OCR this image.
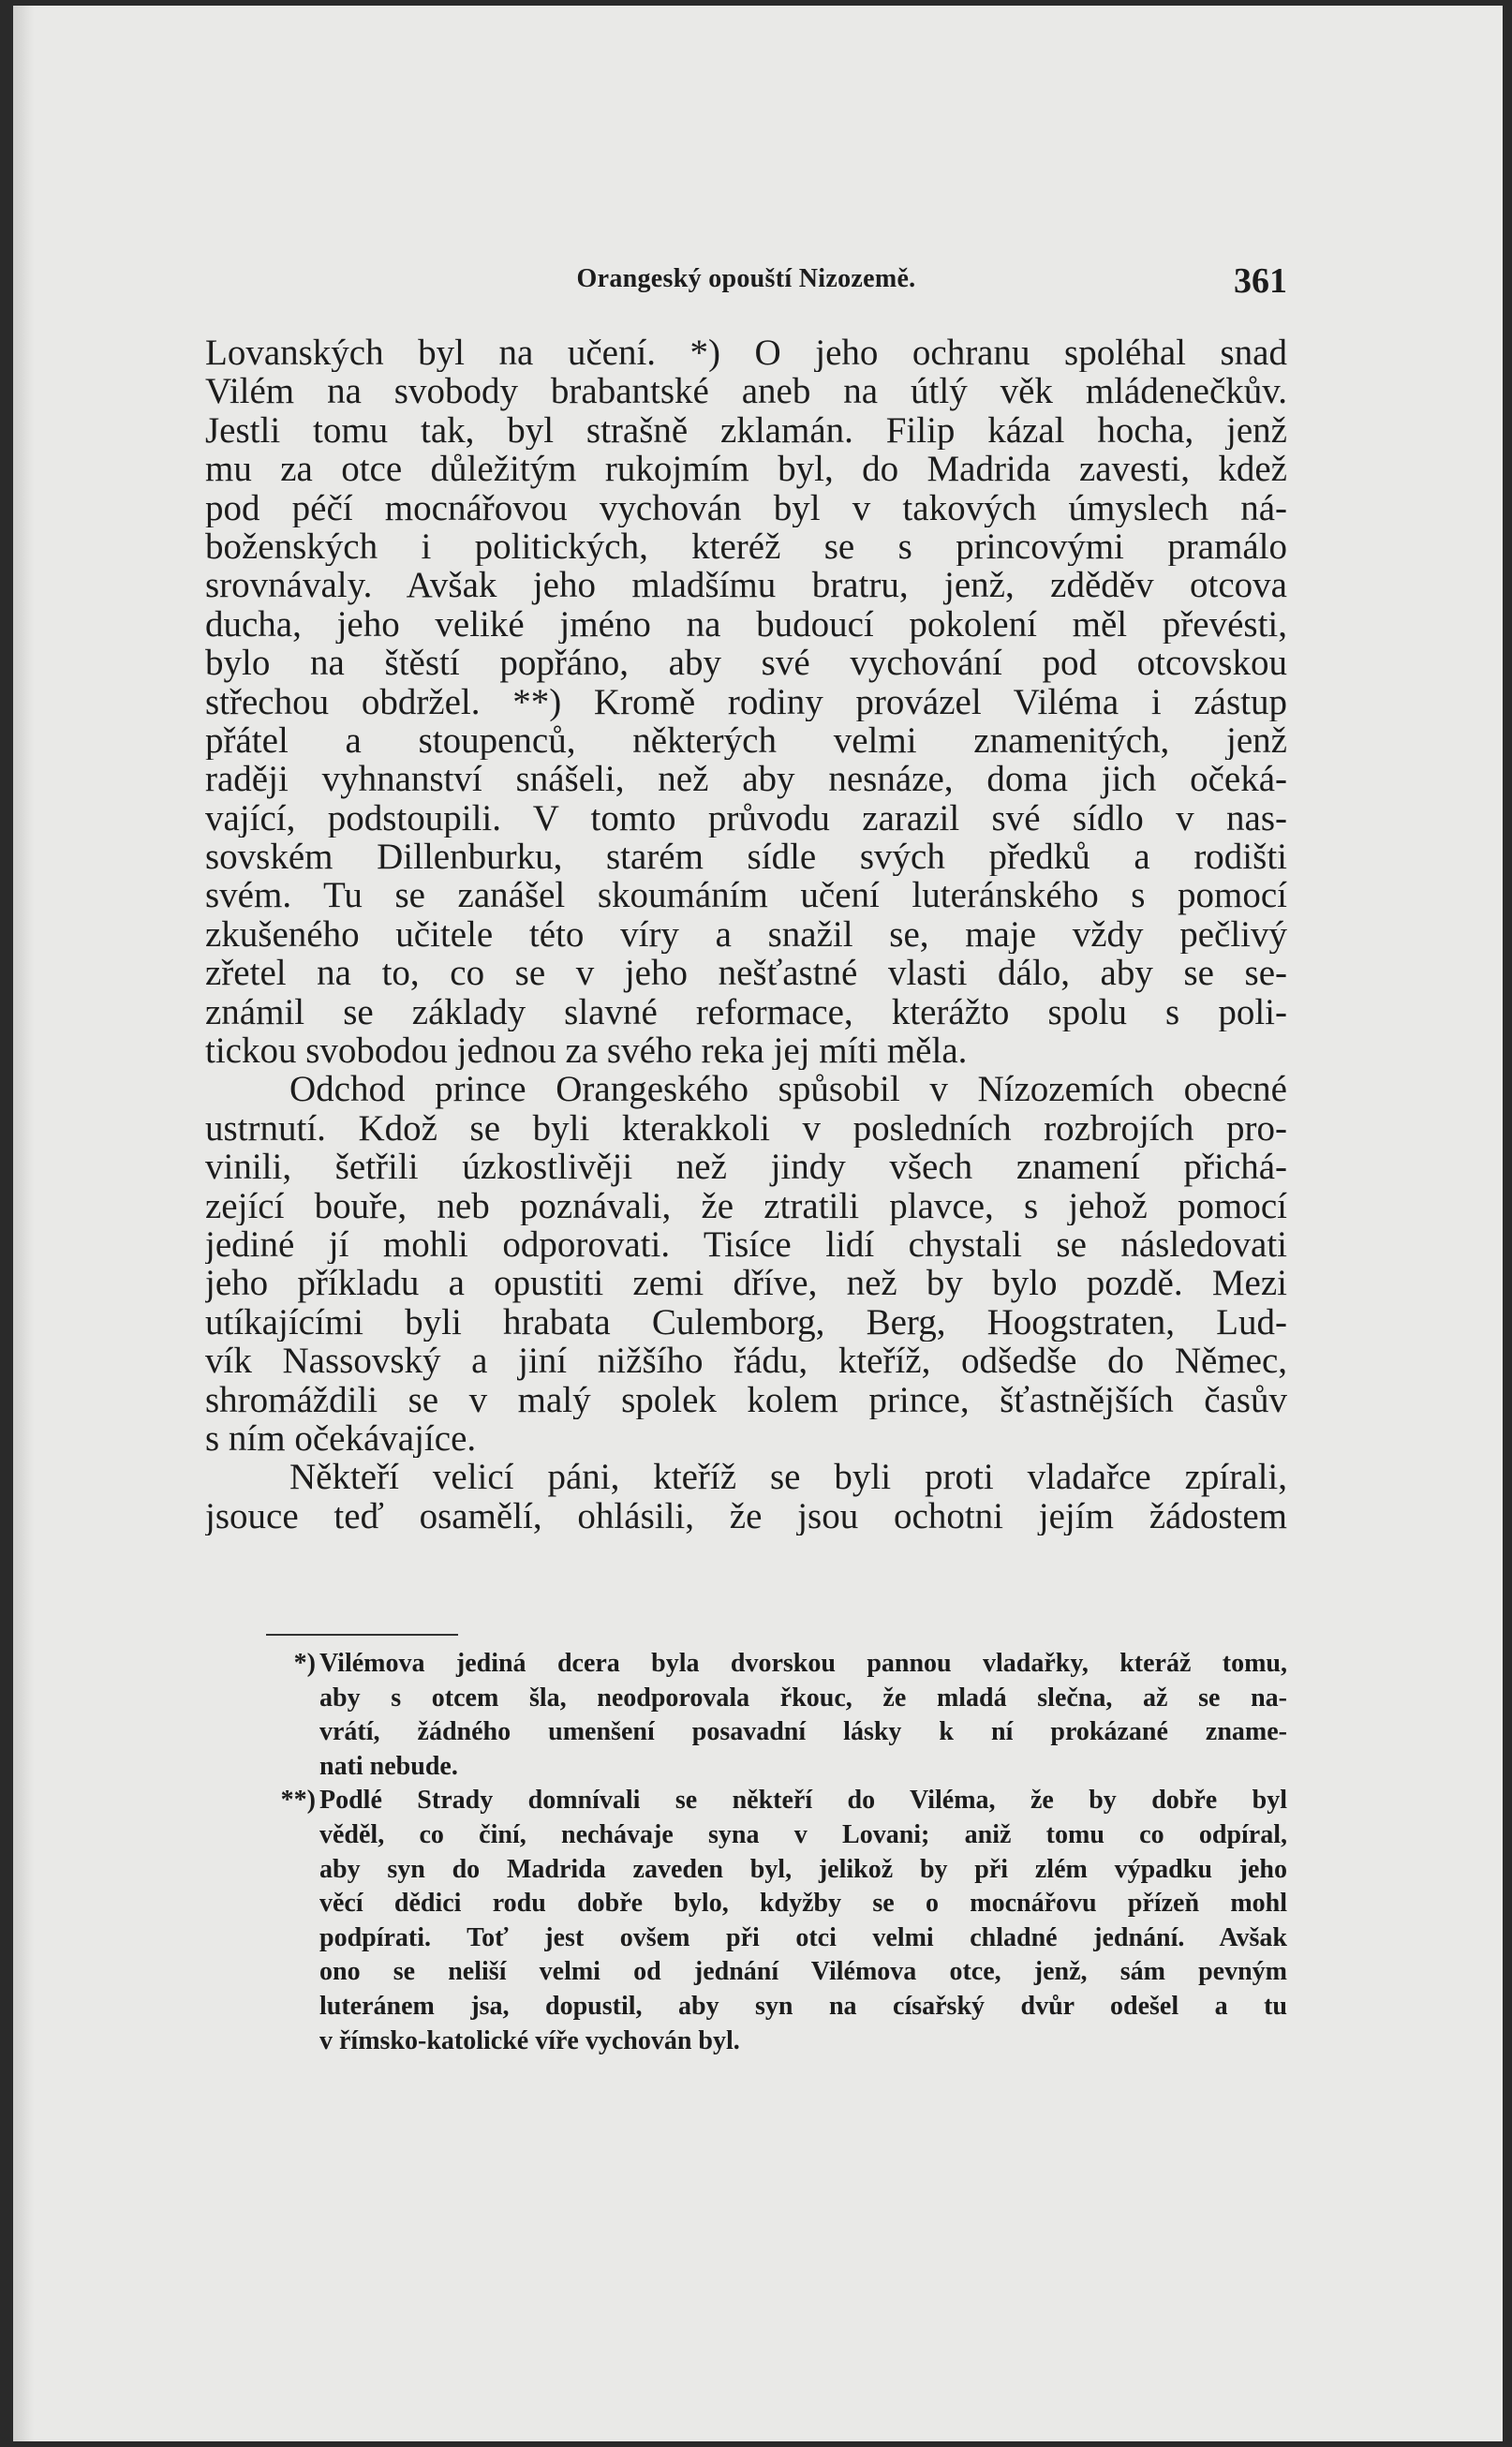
Orangeský opouští Nizozemě.	361
Lovanských byl na učení. *) O jeho ochranu spoléhal snad
Vilém na svobody brabantské aneb na útlý věk mládenečkův.
Jestli tomu tak, byl strašně zklamán. Filip kázal hocha, jenž
mu za otce důležitým rukojmím byl, do Madrida zavesti, kdež
pod péčí mocnářovou vychován byl v takových úmyslech ná-
boženských i politických, kteréž se s princovými pramálo
srovnávaly. Avšak jeho mladšímu bratru, jenž, zděděv otcova
ducha, jeho veliké jméno na budoucí pokolení měl převésti,
bylo na štěstí popřáno, aby své vychování pod otcovskou
střechou obdržel. **) Kromě rodiny provázel Viléma i zástup
přátel a stoupenců, některých velmi znamenitých, jenž
raději vyhnanství snášeli, než aby nesnáze, doma jich očeká-
vající, podstoupili. V tomto průvodu zarazil své sídlo v nas-
sovském Dillenburku, starém sídle svých předků a rodišti
svém. Tu se zanášel skoumáním učení luteránského s pomocí
zkušeného učitele této víry a snažil se, maje vždy pečlivý
zřetel na to, co se v jeho nešťastné vlasti dálo, aby se se-
známil se základy slavné reformace, kterážto spolu s poli-
tickou svobodou jednou za svého reka jej míti měla.
Odchod prince Orangeského spůsobil v Nízozemích obecné
ustrnutí. Kdož se byli kterakkoli v posledních rozbrojích pro-
vinili, šetřili úzkostlivěji než jindy všech znamení přichá-
zející bouře, neb poznávali, že ztratili plavce, s jehož pomocí
jediné jí mohli odporovati. Tisíce lidí chystali se následovati
jeho příkladu a opustiti zemi dříve, než by bylo pozdě. Mezi
utíkajícími byli hrabata Culemborg, Berg, Hoogstraten, Lud-
vík Nassovský a jiní nižšího řádu, kteříž, odšedše do Němec,
shromáždili se v malý spolek kolem prince, šťastnějších časův
s ním očekávajíce.
Někteří velicí páni, kteříž se byli proti vladařce zpírali,
jsouce teď osamělí, ohlásili, že jsou ochotni jejím žádostem
*) Vilémova jediná dcera byla dvorskou pannou vladařky, kteráž tomu,
aby s otcem šla, neodporovala řkouc, že mladá slečna, až se na-
vrátí, žádného umenšení posavadní lásky k ní prokázané zname-
nati nebude.
**) Podlé Strady domnívali se někteří do Viléma, že by dobře byl
věděl, co činí, nechávaje syna v Lovani; aniž tomu co odpíral,
aby syn do Madrida zaveden byl, jelikož by při zlém výpadku jeho
věcí dědici rodu dobře bylo, kdyžby se o mocnářovu přízeň mohl
podpírati. Toť jest ovšem při otci velmi chladné jednání. Avšak
ono se neliší velmi od jednání Vilémova otce, jenž, sám pevným
luteránem jsa, dopustil, aby syn na císařský dvůr odešel a tu
v římsko-katolické víře vychován byl.
